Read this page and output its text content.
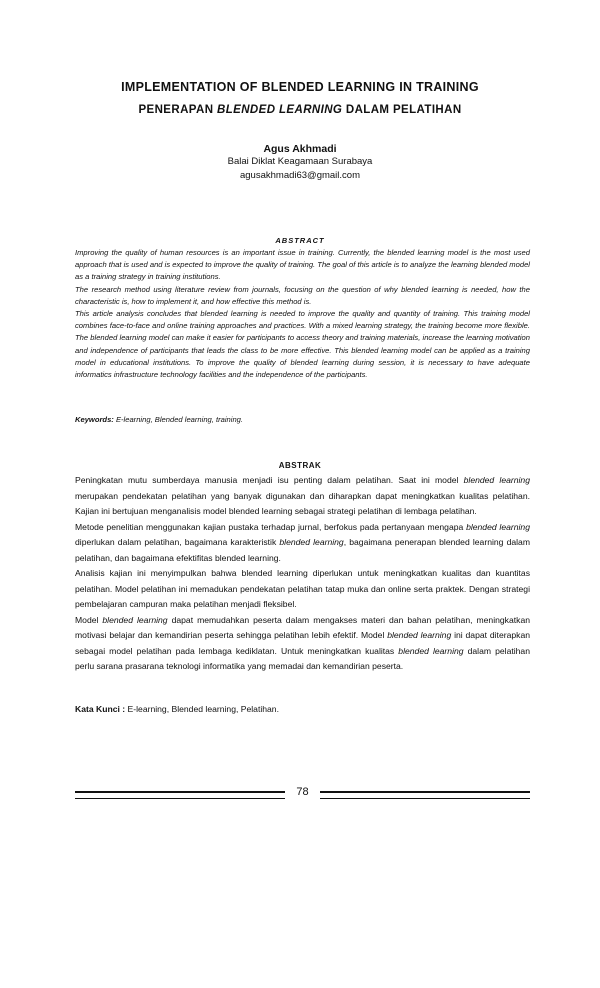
IMPLEMENTATION OF BLENDED LEARNING IN TRAINING
PENERAPAN BLENDED LEARNING DALAM PELATIHAN
Agus Akhmadi
Balai Diklat Keagamaan Surabaya
agusakhmadi63@gmail.com
ABSTRACT

Improving the quality of human resources is an important issue in training. Currently, the blended learning model is the most used approach that is used and is expected to improve the quality of training. The goal of this article is to analyze the learning blended model as a training strategy in training institutions.

The research method using literature review from journals, focusing on the question of why blended learning is needed, how the characteristic is, how to implement it, and how effective this method is.

This article analysis concludes that blended learning is needed to improve the quality and quantity of training. This training model combines face-to-face and online training approaches and practices. With a mixed learning strategy, the training become more flexible. The blended learning model can make it easier for participants to access theory and training materials, increase the learning motivation and independence of participants that leads the class to be more effective. This blended learning model can be applied as a training model in educational institutions. To improve the quality of blended learning during session, it is necessary to have adequate informatics infrastructure technology facilities and the independence of the participants.

Keywords: E-learning, Blended learning, training.
ABSTRAK

Peningkatan mutu sumberdaya manusia menjadi isu penting dalam pelatihan. Saat ini model blended learning merupakan pendekatan pelatihan yang banyak digunakan dan diharapkan dapat meningkatkan kualitas pelatihan. Kajian ini bertujuan menganalisis model blended learning sebagai strategi pelatihan di lembaga pelatihan.

Metode penelitian menggunakan kajian pustaka terhadap jurnal, berfokus pada pertanyaan mengapa blended learning diperlukan dalam pelatihan, bagaimana karakteristik blended learning, bagaimana penerapan blended learning dalam pelatihan, dan bagaimana efektifitas blended learning.

Analisis kajian ini menyimpulkan bahwa blended learning diperlukan untuk meningkatkan kualitas dan kuantitas pelatihan. Model pelatihan ini memadukan pendekatan pelatihan tatap muka dan online serta praktek. Dengan strategi pembelajaran campuran maka pelatihan menjadi fleksibel.

Model blended learning dapat memudahkan peserta dalam mengakses materi dan bahan pelatihan, meningkatkan motivasi belajar dan kemandirian peserta sehingga pelatihan lebih efektif. Model blended learning ini dapat diterapkan sebagai model pelatihan pada lembaga kediklatan. Untuk meningkatkan kualitas blended learning dalam pelatihan perlu sarana prasarana teknologi informatika yang memadai dan kemandirian peserta.

Kata Kunci : E-learning, Blended learning, Pelatihan.
78
